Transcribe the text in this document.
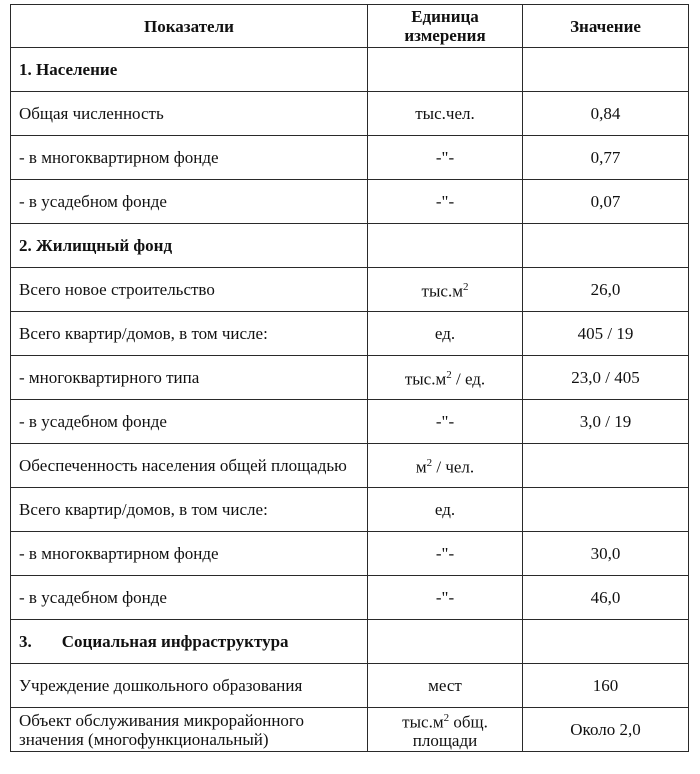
Показатели	Единица измерения	Значение
1. Население		
Общая численность	тыс.чел.	0,84
- в многоквартирном фонде	-"-	0,77
- в усадебном фонде	-"-	0,07
2. Жилищный фонд		
Всего новое строительство	$тыс.м^2$	26,0
Всего квартир/домов, в том числе:	ед.	405 / 19
- многоквартирного типа	$тыс.м^2$ / ед.	23,0 / 405
- в усадебном фонде	-"-	3,0 / 19
Обеспеченность населения общей площадью	$м^2$ / чел.	
Всего квартир/домов, в том числе:	ед.	
- в многоквартирном фонде	-"-	30,0
- в усадебном фонде	-"-	46,0
3. Социальная инфраструктура		
Учреждение дошкольного образования	мест	160
Объект обслуживания микрорайонного значения (многофункциональный)	$тыс.м^2$ общ. площади	Около 2,0
